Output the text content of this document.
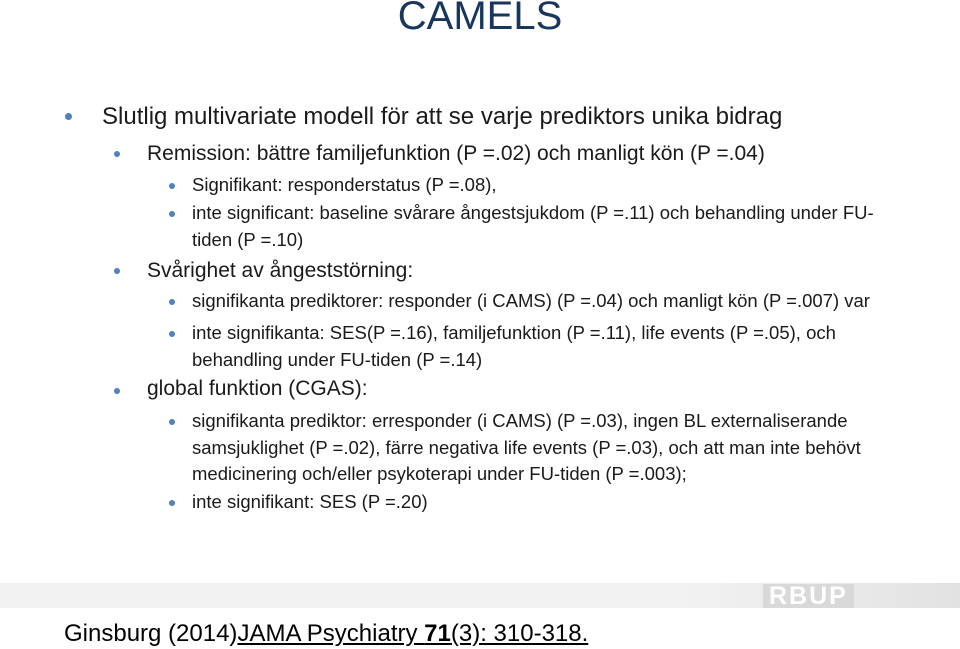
CAMELS
Slutlig multivariate modell för att se varje prediktors unika bidrag
Remission: bättre familjefunktion (P =.02) och manligt kön (P =.04)
Signifikant: responderstatus (P =.08),
inte significant: baseline svårare ångestsjukdom (P =.11) och behandling under FU-
tiden (P =.10)
Svårighet av ångeststörning:
signifikanta prediktorer: responder (i CAMS) (P =.04) och manligt kön (P =.007) var
inte signifikanta: SES(P =.16), familjefunktion (P =.11), life events (P =.05), och
behandling under FU-tiden (P =.14)
global funktion (CGAS):
signifikanta prediktor: erresponder (i CAMS) (P =.03), ingen BL externaliserande
samsjuklighet (P =.02), färre negativa life events (P =.03), och att man inte behövt
medicinering och/eller psykoterapi under FU-tiden (P =.003);
inte signifikant: SES (P =.20)
RBUP
Ginsburg (2014)JAMA Psychiatry 71(3): 310-318.
